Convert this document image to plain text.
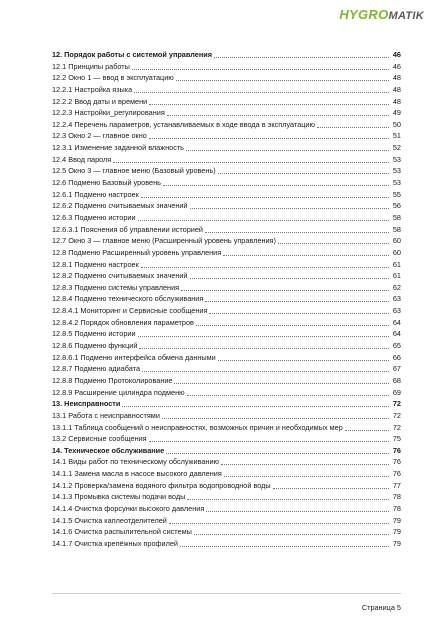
HYGROMATIK
12. Порядок работы с системой управления	46
12.1 Принципы работы	46
12.2 Окно 1 — ввод в эксплуатацию	48
12.2.1 Настройка языка	48
12.2.2 Ввод даты и времени	48
12.2.3 Настройки_регулирования	49
12.2.4 Перечень параметров, устанавливаемых в ходе ввода в эксплуатацию	50
12.3 Окно 2 — главное окно	51
12.3.1 Изменение заданной влажность	52
12.4 Ввод пароля	53
12.5 Окно 3 — главное меню (Базовый уровень)	53
12.6 Подменю Базовый уровень	53
12.6.1 Подменю настроек	55
12.6.2 Подменю считываемых значений	56
12.6.3 Подменю истории	58
12.6.3.1 Пояснения об управлении историей	58
12.7 Окно 3 — главное меню (Расширенный уровень управления)	60
12.8 Подменю Расширенный уровень управления	60
12.8.1 Подменю настроек	61
12.8.2 Подменю считываемых значений	61
12.8.3 Подменю системы управления	62
12.8.4 Подменю технического обслуживания	63
12.8.4.1 Мониторинг и Сервисные сообщения	63
12.8.4.2 Порядок обновления параметров	64
12.8.5 Подменю истории	64
12.8.6 Подменю функций	65
12.8.6.1 Подменю интерфейса обмена данными	66
12.8.7 Подменю адиабата	67
12.8.8 Подменю Протоколирование	68
12.8.9 Расширение цилиндра подменю	69
13. Неисправности	72
13.1 Работа с неисправностями	72
13.1.1 Таблица сообщений о неисправностях, возможных причин и необходимых мер	72
13.2 Сервисные сообщения	75
14. Техническое обслуживание	76
14.1 Виды работ по техническому обслуживанию	76
14.1.1 Замена масла в насосе высокого давления	76
14.1.2 Проверка/замена водяного фильтра водопроводной воды	77
14.1.3 Промывка системы подачи воды	78
14.1.4 Очистка форсунки высокого давления	78
14.1.5 Очистка каплеотделителей	79
14.1.6 Очистка распылительной системы	79
14.1.7 Очистка крепёжных профилей	79
Страница 5
